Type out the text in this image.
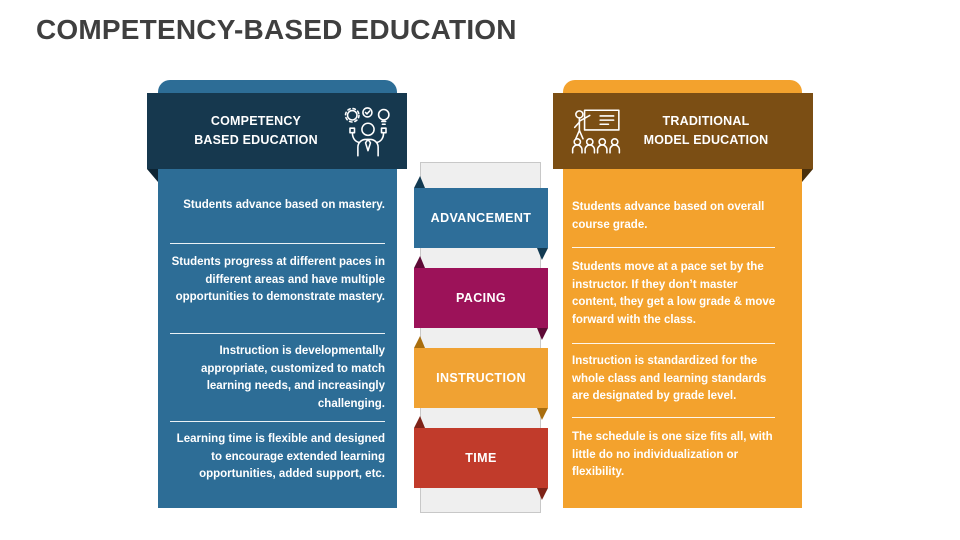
COMPETENCY-BASED EDUCATION

Students advance based on mastery.

Students progress at different paces in different areas and have multiple opportunities to demonstrate mastery.

Instruction is developmentally appropriate, customized to match learning needs, and increasingly challenging.

Learning time is flexible and designed to encourage extended learning opportunities, added support, etc.

COMPETENCY
BASED EDUCATION

Students advance based on overall course grade.

Students move at a pace set by the instructor. If they don’t master content, they get a low grade & move forward with the class.

Instruction is standardized for the whole class and learning standards are designated by grade level.

The schedule is one size fits all, with little do no individualization or flexibility.

TRADITIONAL
MODEL EDUCATION
ADVANCEMENT
PACING
INSTRUCTION
TIME
